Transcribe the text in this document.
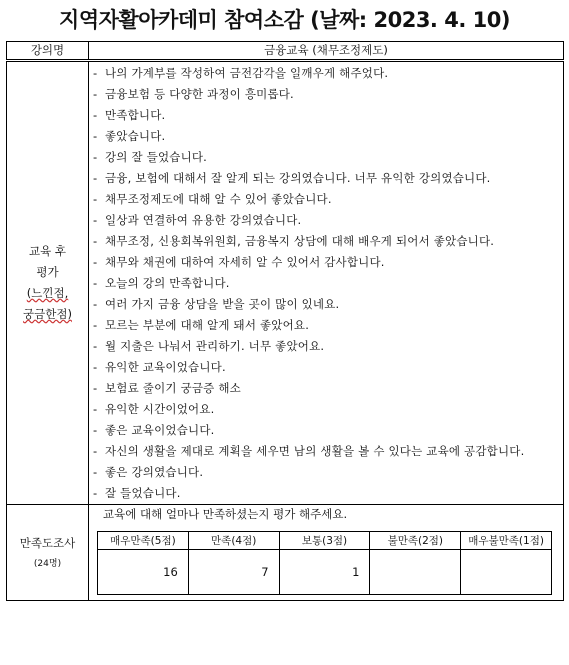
지역자활아카데미 참여소감 (날짜: 2023. 4. 10)
강의명	금융교육 (채무조정제도)

교육 후
평가
(느낀점,
궁금한점)

- 나의 가계부를 작성하여 금전감각을 일깨우게 해주었다.
- 금융보험 등 다양한 과정이 흥미롭다.
- 만족합니다.
- 좋았습니다.
- 강의 잘 들었습니다.
- 금융, 보험에 대해서 잘 알게 되는 강의였습니다. 너무 유익한 강의였습니다.
- 채무조정제도에 대해 알 수 있어 좋았습니다.
- 일상과 연결하여 유용한 강의였습니다.
- 채무조정, 신용회복위원회, 금융복지 상담에 대해 배우게 되어서 좋았습니다.
- 채무와 채권에 대하여 자세히 알 수 있어서 감사합니다.
- 오늘의 강의 만족합니다.
- 여러 가지 금융 상담을 받을 곳이 많이 있네요.
- 모르는 부분에 대해 알게 돼서 좋았어요.
- 월 지출은 나눠서 관리하기. 너무 좋았어요.
- 유익한 교육이었습니다.
- 보험료 줄이기 궁금증 해소
- 유익한 시간이었어요.
- 좋은 교육이었습니다.
- 자신의 생활을 제대로 계획을 세우면 남의 생활을 볼 수 있다는 교육에 공감합니다.
- 좋은 강의였습니다.
- 잘 들었습니다.

만족도조사
(24명)

교육에 대해 얼마나 만족하셨는지 평가 해주세요.
매우만족(5점)	만족(4점)	보통(3점)	불만족(2점)	매우불만족(1점)
16	7	1		
